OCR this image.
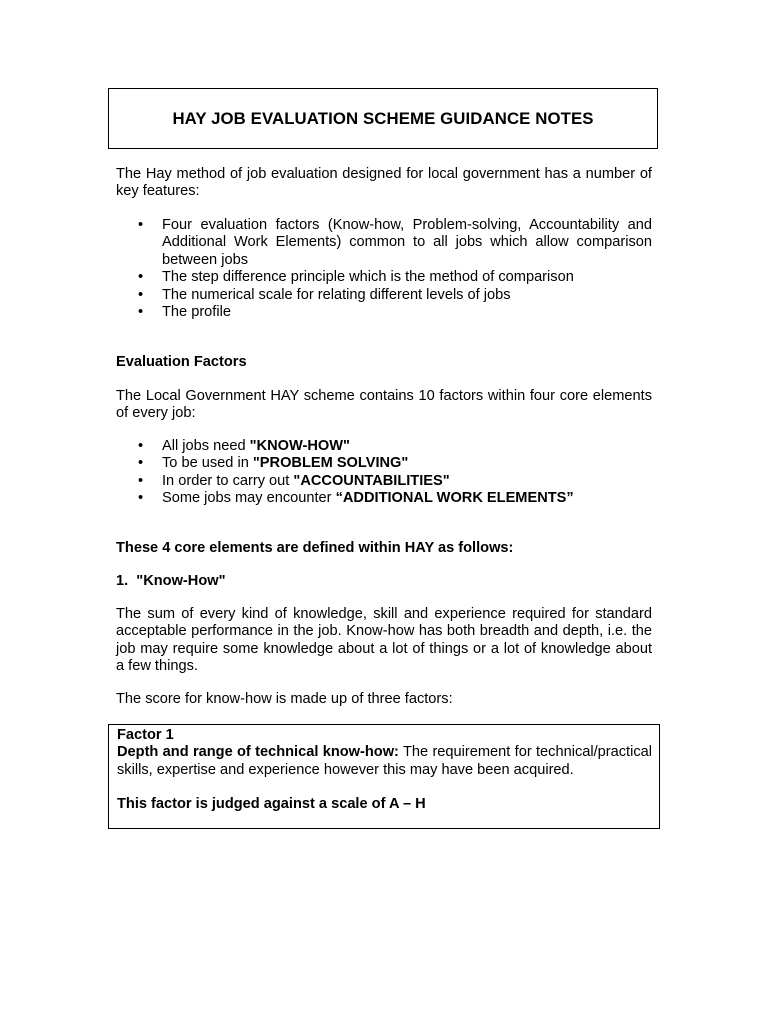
HAY JOB EVALUATION SCHEME GUIDANCE NOTES

The Hay method of job evaluation designed for local government has a number of key features:

• Four evaluation factors (Know-how, Problem-solving, Accountability and Additional Work Elements) common to all jobs which allow comparison between jobs
• The step difference principle which is the method of comparison
• The numerical scale for relating different levels of jobs
• The profile

Evaluation Factors

The Local Government HAY scheme contains 10 factors within four core elements of every job:

• All jobs need "KNOW-HOW"
• To be used in "PROBLEM SOLVING"
• In order to carry out "ACCOUNTABILITIES"
• Some jobs may encounter “ADDITIONAL WORK ELEMENTS”

These 4 core elements are defined within HAY as follows:

1.  "Know-How"

The sum of every kind of knowledge, skill and experience required for standard acceptable performance in the job. Know-how has both breadth and depth, i.e. the job may require some knowledge about a lot of things or a lot of knowledge about a few things.

The score for know-how is made up of three factors:

Factor 1

Depth and range of technical know-how: The requirement for technical/practical skills, expertise and experience however this may have been acquired.

This factor is judged against a scale of A – H
